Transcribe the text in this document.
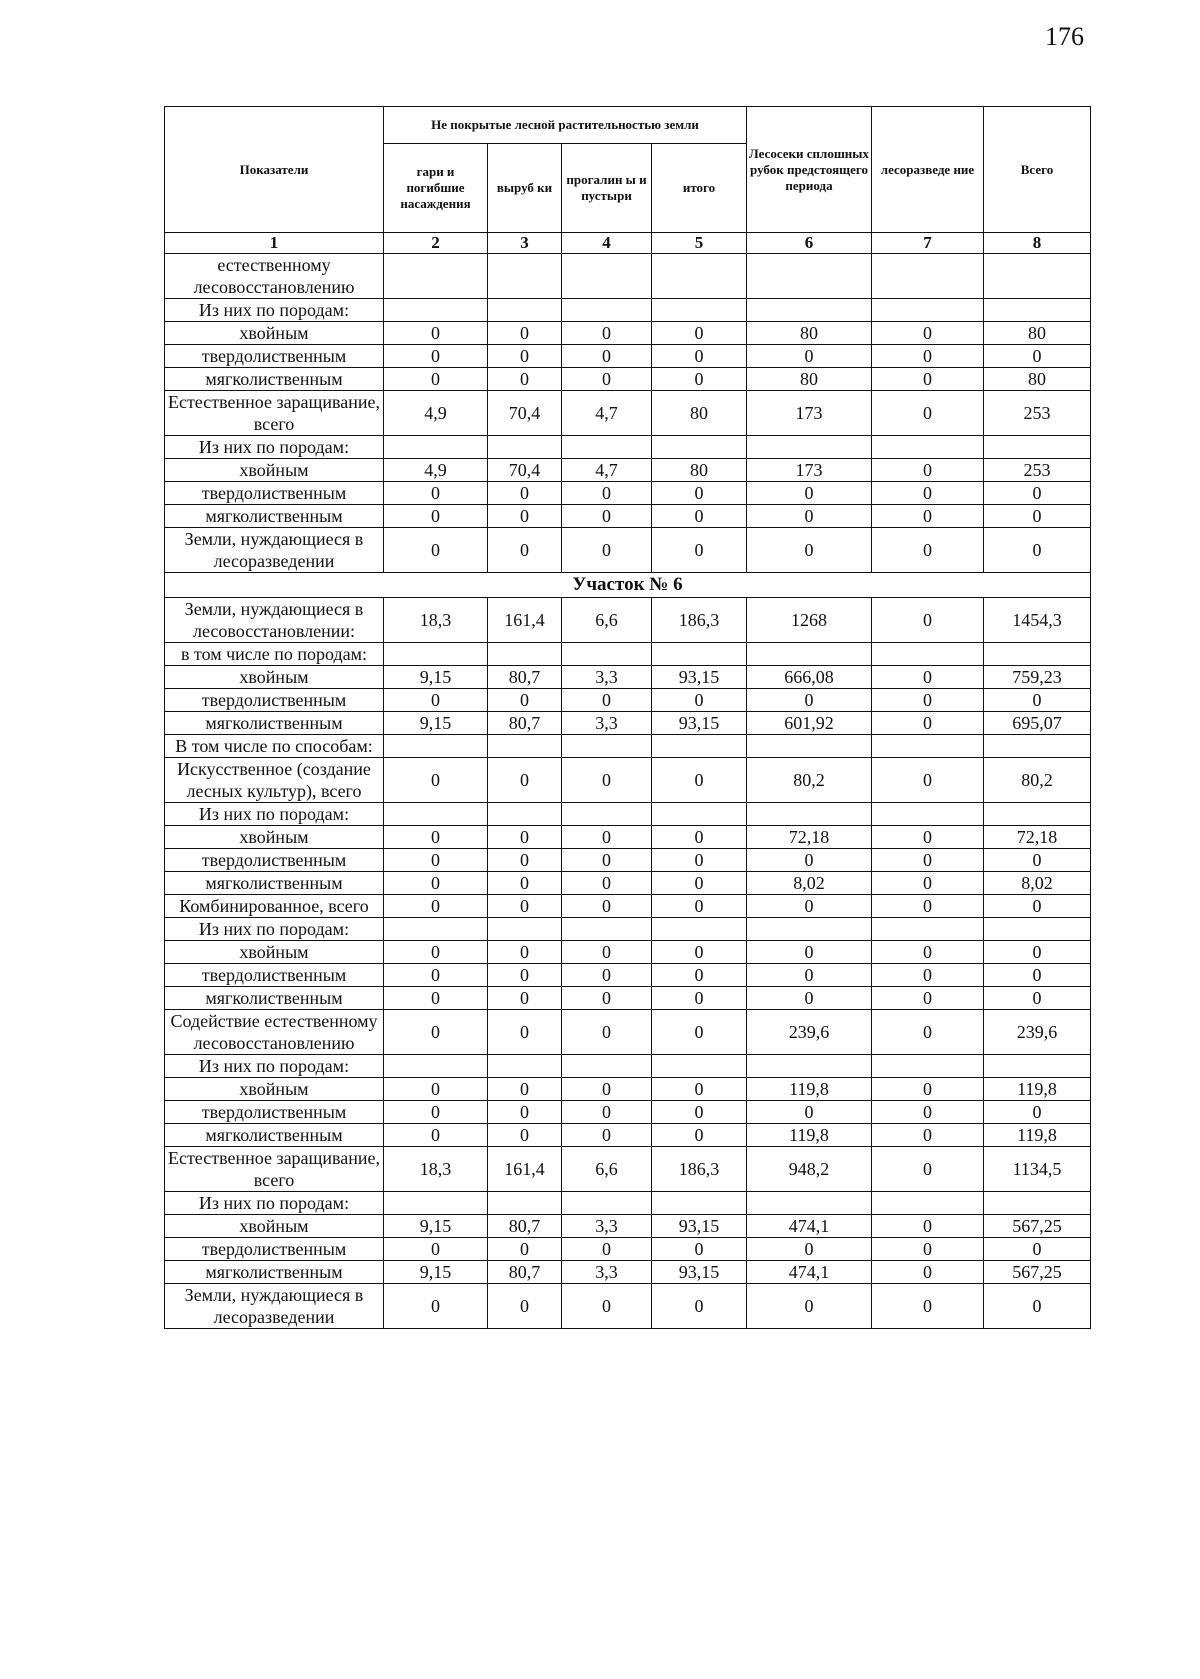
176
Показатели	Не покрытые лесной растительностью земли				Лесосеки сплошных рубок предстоящего периода	лесоразведе ние	Всего
	гари и погибшие насаждения	выруб ки	прогалин ы и пустыри	итого			
1	2	3	4	5	6	7	8
естественному лесовосстановлению							
Из них по породам:							
хвойным	0	0	0	0	80	0	80
твердолиственным	0	0	0	0	0	0	0
мягколиственным	0	0	0	0	80	0	80
Естественное заращивание, всего	4,9	70,4	4,7	80	173	0	253
Из них по породам:							
хвойным	4,9	70,4	4,7	80	173	0	253
твердолиственным	0	0	0	0	0	0	0
мягколиственным	0	0	0	0	0	0	0
Земли, нуждающиеся в лесоразведении	0	0	0	0	0	0	0
Участок № 6							
Земли, нуждающиеся в лесовосстановлении:	18,3	161,4	6,6	186,3	1268	0	1454,3
в том числе по породам:							
хвойным	9,15	80,7	3,3	93,15	666,08	0	759,23
твердолиственным	0	0	0	0	0	0	0
мягколиственным	9,15	80,7	3,3	93,15	601,92	0	695,07
В том числе по способам:							
Искусственное (создание лесных культур), всего	0	0	0	0	80,2	0	80,2
Из них по породам:							
хвойным	0	0	0	0	72,18	0	72,18
твердолиственным	0	0	0	0	0	0	0
мягколиственным	0	0	0	0	8,02	0	8,02
Комбинированное, всего	0	0	0	0	0	0	0
Из них по породам:							
хвойным	0	0	0	0	0	0	0
твердолиственным	0	0	0	0	0	0	0
мягколиственным	0	0	0	0	0	0	0
Содействие естественному лесовосстановлению	0	0	0	0	239,6	0	239,6
Из них по породам:							
хвойным	0	0	0	0	119,8	0	119,8
твердолиственным	0	0	0	0	0	0	0
мягколиственным	0	0	0	0	119,8	0	119,8
Естественное заращивание, всего	18,3	161,4	6,6	186,3	948,2	0	1134,5
Из них по породам:							
хвойным	9,15	80,7	3,3	93,15	474,1	0	567,25
твердолиственным	0	0	0	0	0	0	0
мягколиственным	9,15	80,7	3,3	93,15	474,1	0	567,25
Земли, нуждающиеся в лесоразведении	0	0	0	0	0	0	0
